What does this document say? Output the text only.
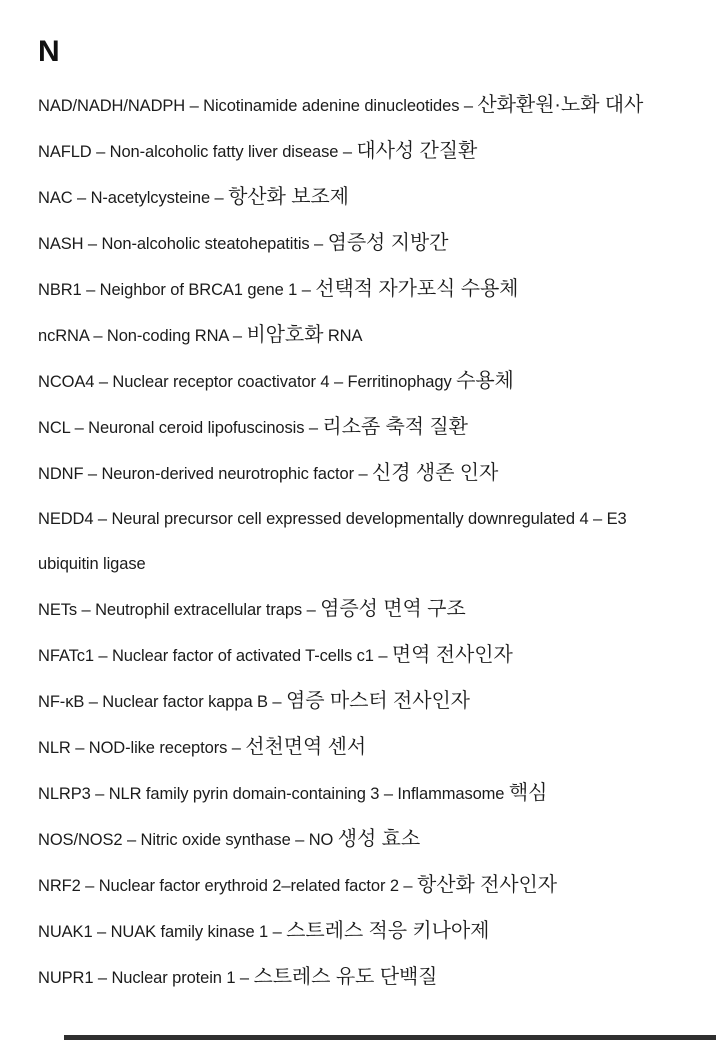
N

NAD/NADH/NADPH – Nicotinamide adenine dinucleotides – 산화환원·노화 대사

NAFLD – Non-alcoholic fatty liver disease – 대사성 간질환

NAC – N-acetylcysteine – 항산화 보조제

NASH – Non-alcoholic steatohepatitis – 염증성 지방간

NBR1 – Neighbor of BRCA1 gene 1 – 선택적 자가포식 수용체

ncRNA – Non-coding RNA – 비암호화 RNA

NCOA4 – Nuclear receptor coactivator 4 – Ferritinophagy 수용체

NCL – Neuronal ceroid lipofuscinosis – 리소좀 축적 질환

NDNF – Neuron-derived neurotrophic factor – 신경 생존 인자

NEDD4 – Neural precursor cell expressed developmentally downregulated 4 – E3 ubiquitin ligase

NETs – Neutrophil extracellular traps – 염증성 면역 구조

NFATc1 – Nuclear factor of activated T-cells c1 – 면역 전사인자

NF-κB – Nuclear factor kappa B – 염증 마스터 전사인자

NLR – NOD-like receptors – 선천면역 센서

NLRP3 – NLR family pyrin domain-containing 3 – Inflammasome 핵심

NOS/NOS2 – Nitric oxide synthase – NO 생성 효소

NRF2 – Nuclear factor erythroid 2–related factor 2 – 항산화 전사인자

NUAK1 – NUAK family kinase 1 – 스트레스 적응 키나아제

NUPR1 – Nuclear protein 1 – 스트레스 유도 단백질
